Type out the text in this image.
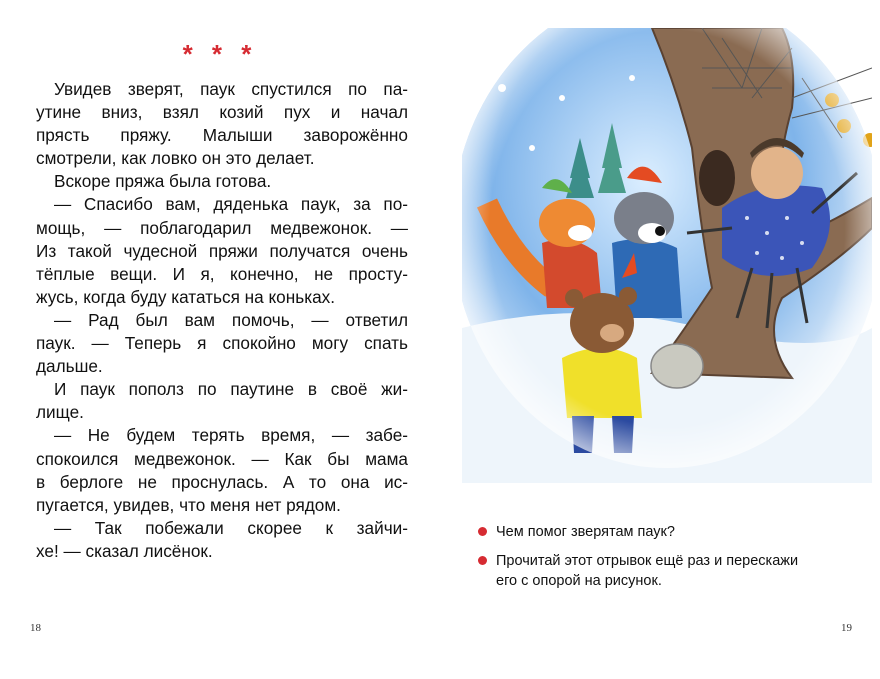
* * *
Увидев зверят, паук спустился по па-
утине вниз, взял козий пух и начал
прясть пряжу. Малыши заворожённо
смотрели, как ловко он это делает.
Вскоре пряжа была готова.
— Спасибо вам, дяденька паук, за по-
мощь, — поблагодарил медвежонок. —
Из такой чудесной пряжи получатся очень
тёплые вещи. И я, конечно, не просту-
жусь, когда буду кататься на коньках.
— Рад был вам помочь, — ответил
паук. — Теперь я спокойно могу спать
дальше.
И паук пополз по паутине в своё жи-
лище.
— Не будем терять время, — забе-
спокоился медвежонок. — Как бы мама
в берлоге не проснулась. А то она ис-
пугается, увидев, что меня нет рядом.
— Так побежали скорее к зайчи-
хе! — сказал лисёнок.
18
Чем помог зверятам паук?
Прочитай этот отрывок ещё раз и перескажи
его с опорой на рисунок.
19
